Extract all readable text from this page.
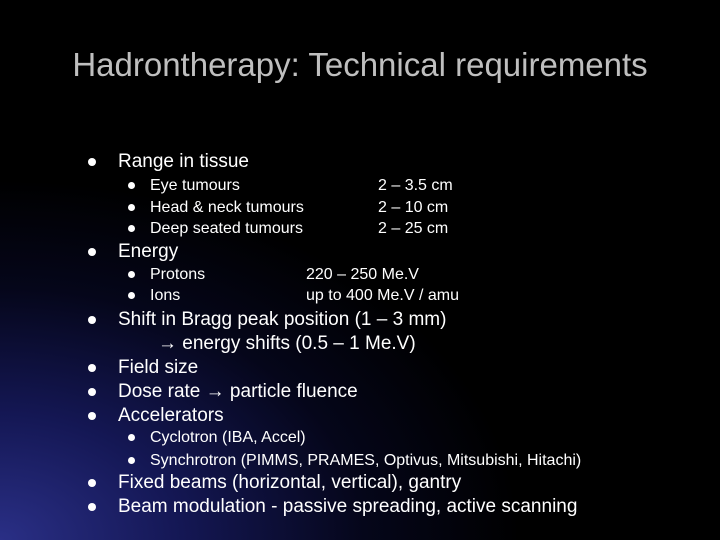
Hadrontherapy: Technical requirements
Range in tissue
Eye tumours	2 – 3.5 cm
Head & neck tumours	2 – 10 cm
Deep seated tumours	2 – 25 cm
Energy
Protons	220 – 250 Me.V
Ions	up to 400 Me.V / amu
Shift in Bragg peak position (1 – 3 mm)
→ energy shifts (0.5 – 1 Me.V)
Field size
Dose rate → particle fluence
Accelerators
Cyclotron (IBA, Accel)
Synchrotron (PIMMS, PRAMES, Optivus, Mitsubishi, Hitachi)
Fixed beams (horizontal, vertical), gantry
Beam modulation - passive spreading, active scanning
